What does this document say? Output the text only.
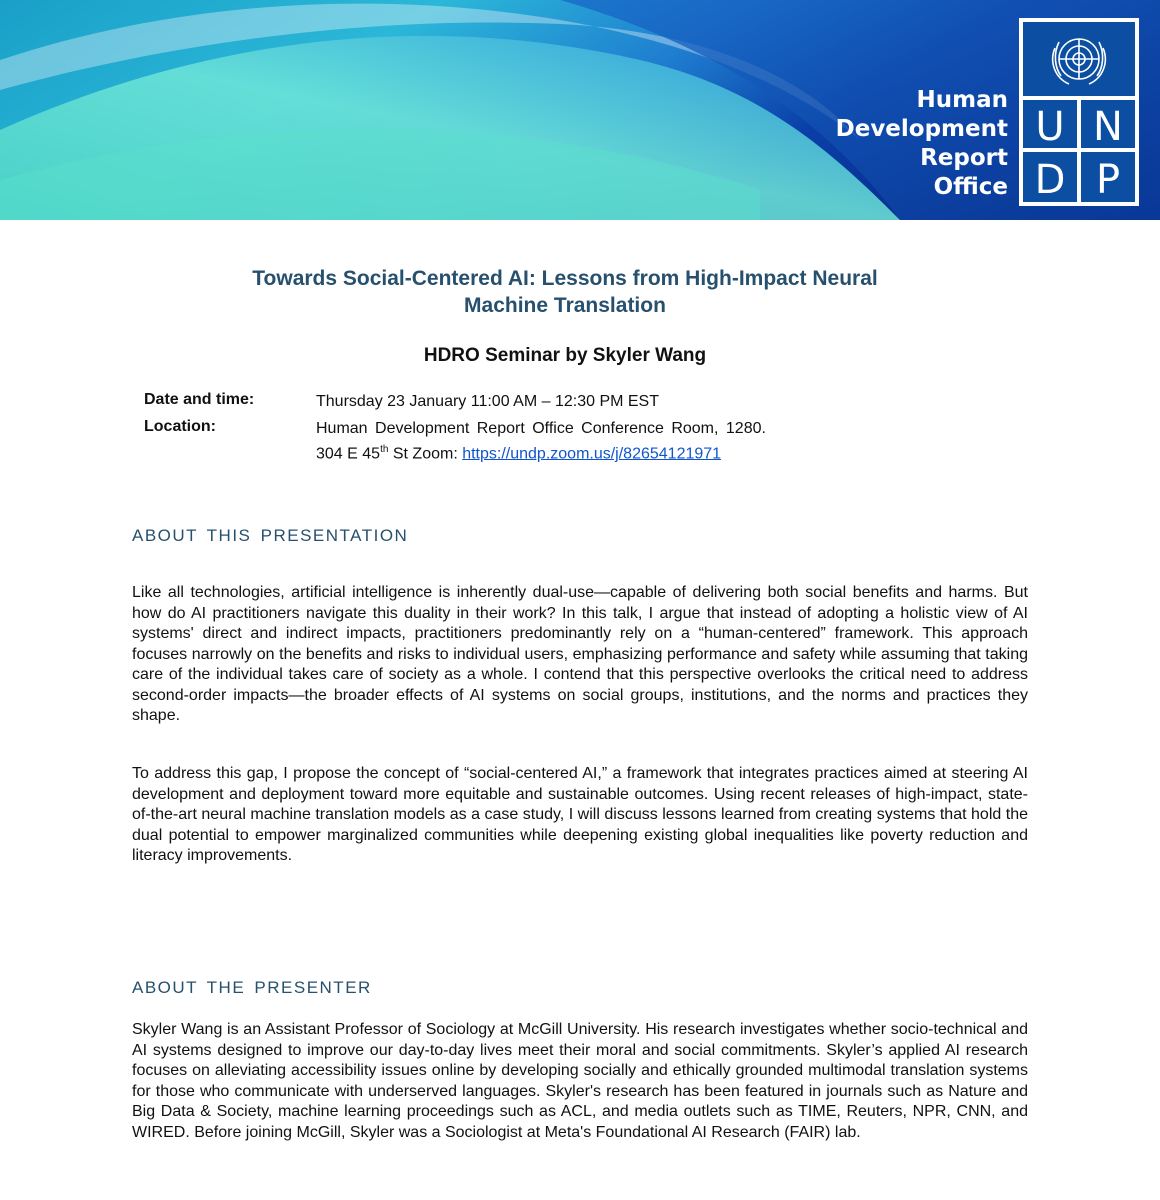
Human
Development
Report
Office
U N
D P
Towards Social-Centered AI: Lessons from High-Impact Neural
Machine Translation
HDRO Seminar by Skyler Wang
Date and time:	Thursday 23 January 11:00 AM – 12:30 PM EST
Location:	Human Development Report Office Conference Room, 1280.
304 E 45th St Zoom: https://undp.zoom.us/j/82654121971
ABOUT THIS PRESENTATION
Like all technologies, artificial intelligence is inherently dual-use—capable of delivering both social benefits and harms. But how do AI practitioners navigate this duality in their work? In this talk, I argue that instead of adopting a holistic view of AI systems' direct and indirect impacts, practitioners predominantly rely on a “human-centered” framework. This approach focuses narrowly on the benefits and risks to individual users, emphasizing performance and safety while assuming that taking care of the individual takes care of society as a whole. I contend that this perspective overlooks the critical need to address second-order impacts—the broader effects of AI systems on social groups, institutions, and the norms and practices they shape.
To address this gap, I propose the concept of “social-centered AI,” a framework that integrates practices aimed at steering AI development and deployment toward more equitable and sustainable outcomes. Using recent releases of high-impact, state-of-the-art neural machine translation models as a case study, I will discuss lessons learned from creating systems that hold the dual potential to empower marginalized communities while deepening existing global inequalities like poverty reduction and literacy improvements.
ABOUT THE PRESENTER
Skyler Wang is an Assistant Professor of Sociology at McGill University. His research investigates whether socio-technical and AI systems designed to improve our day-to-day lives meet their moral and social commitments. Skyler’s applied AI research focuses on alleviating accessibility issues online by developing socially and ethically grounded multimodal translation systems for those who communicate with underserved languages. Skyler's research has been featured in journals such as Nature and Big Data & Society, machine learning proceedings such as ACL, and media outlets such as TIME, Reuters, NPR, CNN, and WIRED. Before joining McGill, Skyler was a Sociologist at Meta's Foundational AI Research (FAIR) lab.
